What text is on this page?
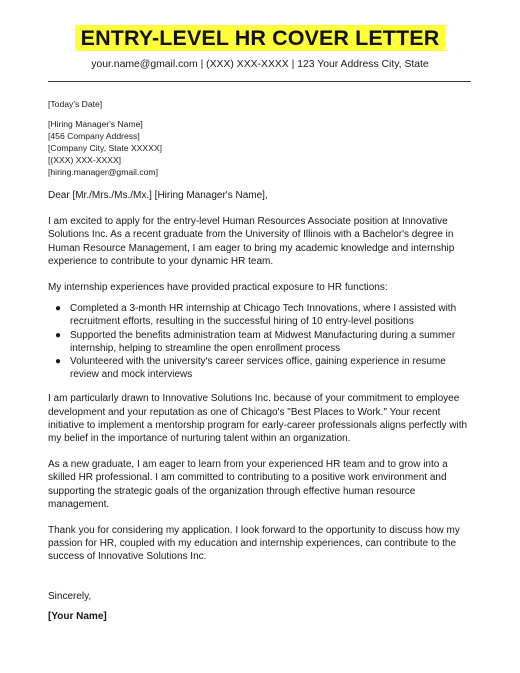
ENTRY-LEVEL HR COVER LETTER
your.name@gmail.com | (XXX) XXX-XXXX | 123 Your Address City, State
[Today's Date]
[Hiring Manager's Name]
[456 Company Address]
[Company City, State XXXXX]
[(XXX) XXX-XXXX]
[hiring.manager@gmail.com]

Dear [Mr./Mrs./Ms./Mx.] [Hiring Manager's Name],

I am excited to apply for the entry-level Human Resources Associate position at Innovative Solutions Inc. As a recent graduate from the University of Illinois with a Bachelor's degree in Human Resource Management, I am eager to bring my academic knowledge and internship experience to contribute to your dynamic HR team.

My internship experiences have provided practical exposure to HR functions:

● Completed a 3-month HR internship at Chicago Tech Innovations, where I assisted with recruitment efforts, resulting in the successful hiring of 10 entry-level positions
● Supported the benefits administration team at Midwest Manufacturing during a summer internship, helping to streamline the open enrollment process
● Volunteered with the university's career services office, gaining experience in resume review and mock interviews

I am particularly drawn to Innovative Solutions Inc. because of your commitment to employee development and your reputation as one of Chicago's "Best Places to Work." Your recent initiative to implement a mentorship program for early-career professionals aligns perfectly with my belief in the importance of nurturing talent within an organization.

As a new graduate, I am eager to learn from your experienced HR team and to grow into a skilled HR professional. I am committed to contributing to a positive work environment and supporting the strategic goals of the organization through effective human resource management.

Thank you for considering my application. I look forward to the opportunity to discuss how my passion for HR, coupled with my education and internship experiences, can contribute to the success of Innovative Solutions Inc.

Sincerely,
[Your Name]
